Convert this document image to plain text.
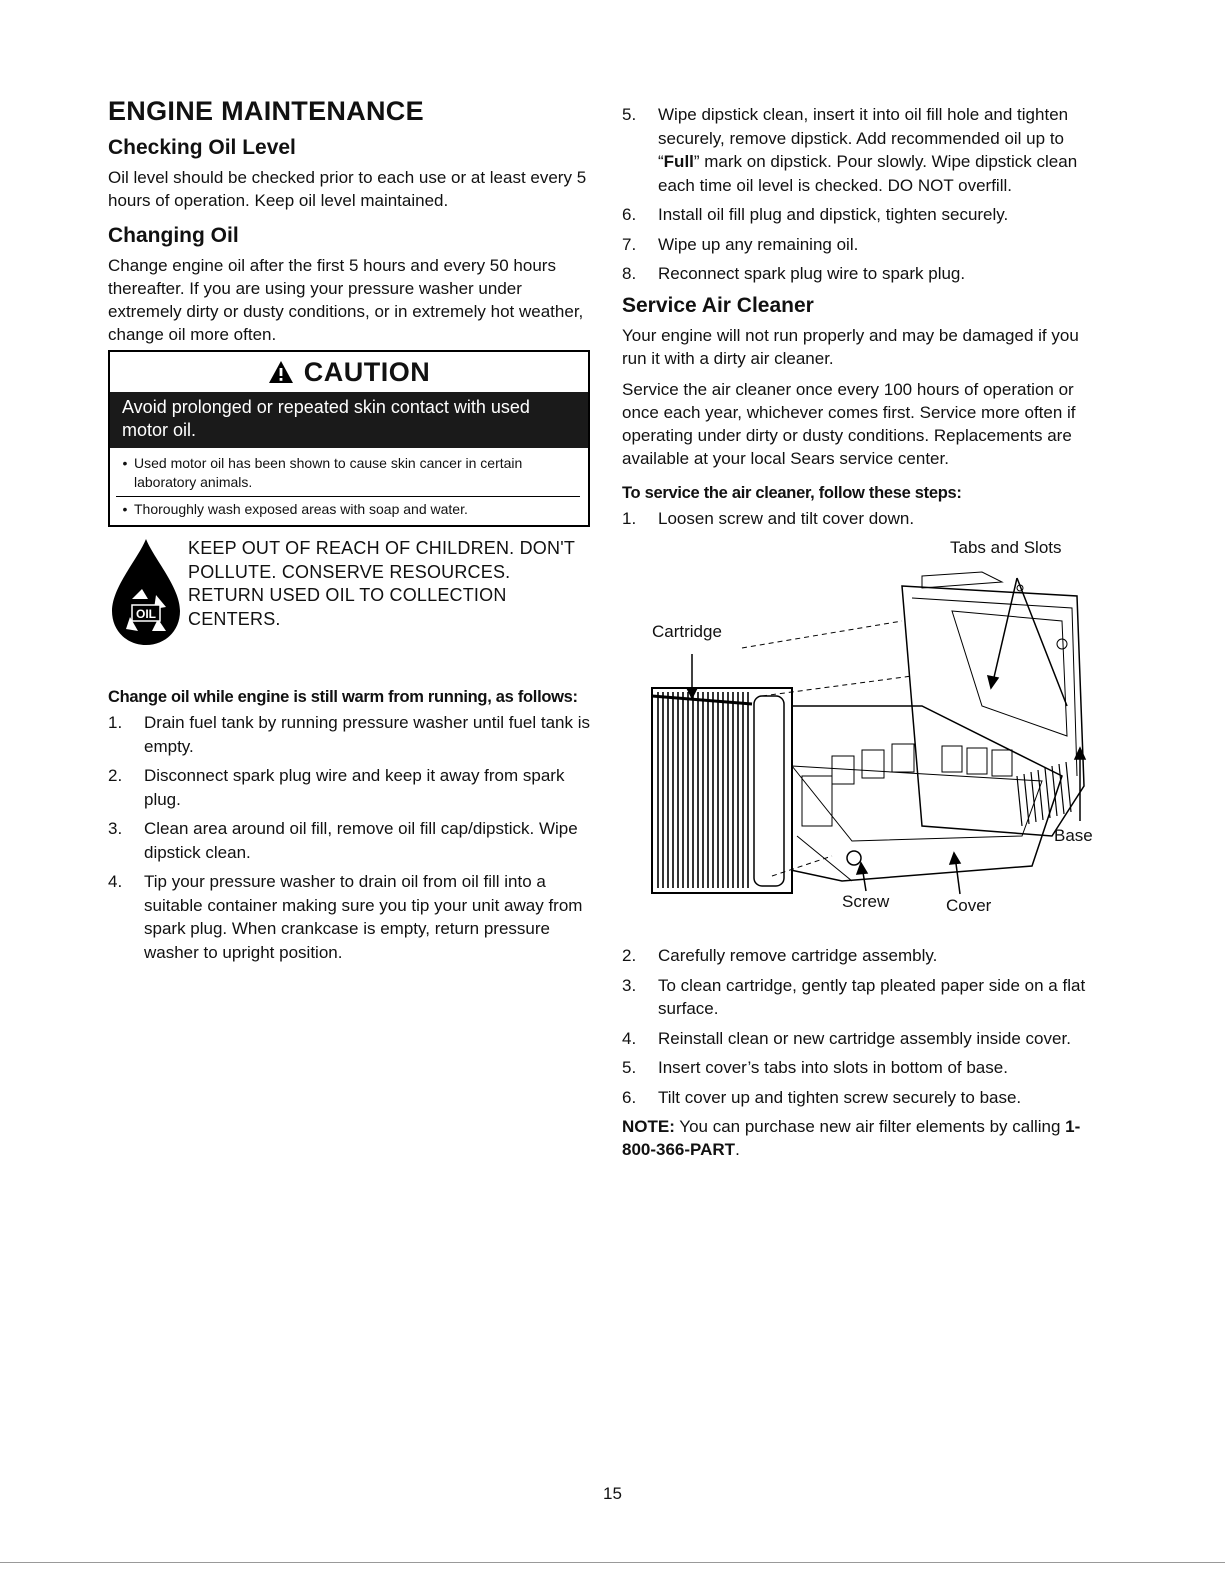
ENGINE MAINTENANCE
Checking Oil Level

Oil level should be checked prior to each use or at least every 5 hours of operation. Keep oil level maintained.

Changing Oil

Change engine oil after the first 5 hours and every 50 hours thereafter. If you are using your pressure washer under extremely dirty or dusty conditions, or in extremely hot weather, change oil more often.

CAUTION
Avoid prolonged or repeated skin contact with used motor oil.
• Used motor oil has been shown to cause skin cancer in certain laboratory animals.
• Thoroughly wash exposed areas with soap and water.
OIL
KEEP OUT OF REACH OF CHILDREN. DON'T POLLUTE. CONSERVE RESOURCES. RETURN USED OIL TO COLLECTION CENTERS.

Change oil while engine is still warm from running, as follows:

1.	Drain fuel tank by running pressure washer until fuel tank is empty.
2.	Disconnect spark plug wire and keep it away from spark plug.
3.	Clean area around oil fill, remove oil fill cap/dipstick. Wipe dipstick clean.
4.	Tip your pressure washer to drain oil from oil fill into a suitable container making sure you tip your unit away from spark plug. When crankcase is empty, return pressure washer to upright position.
5.	Wipe dipstick clean, insert it into oil fill hole and tighten securely, remove dipstick. Add recommended oil up to “Full” mark on dipstick. Pour slowly. Wipe dipstick clean each time oil level is checked. DO NOT overfill.
6.	Install oil fill plug and dipstick, tighten securely.
7.	Wipe up any remaining oil.
8.	Reconnect spark plug wire to spark plug.
Service Air Cleaner

Your engine will not run properly and may be damaged if you run it with a dirty air cleaner.

Service the air cleaner once every 100 hours of operation or once each year, whichever comes first. Service more often if operating under dirty or dusty conditions. Replacements are available at your local Sears service center.

To service the air cleaner, follow these steps:

1.	Loosen screw and tilt cover down.
Tabs and Slots
Cartridge
Base
Screw	Cover
2.	Carefully remove cartridge assembly.
3.	To clean cartridge, gently tap pleated paper side on a flat surface.
4.	Reinstall clean or new cartridge assembly inside cover.
5.	Insert cover’s tabs into slots in bottom of base.
6.	Tilt cover up and tighten screw securely to base.

NOTE: You can purchase new air filter elements by calling 1-800-366-PART.

15
